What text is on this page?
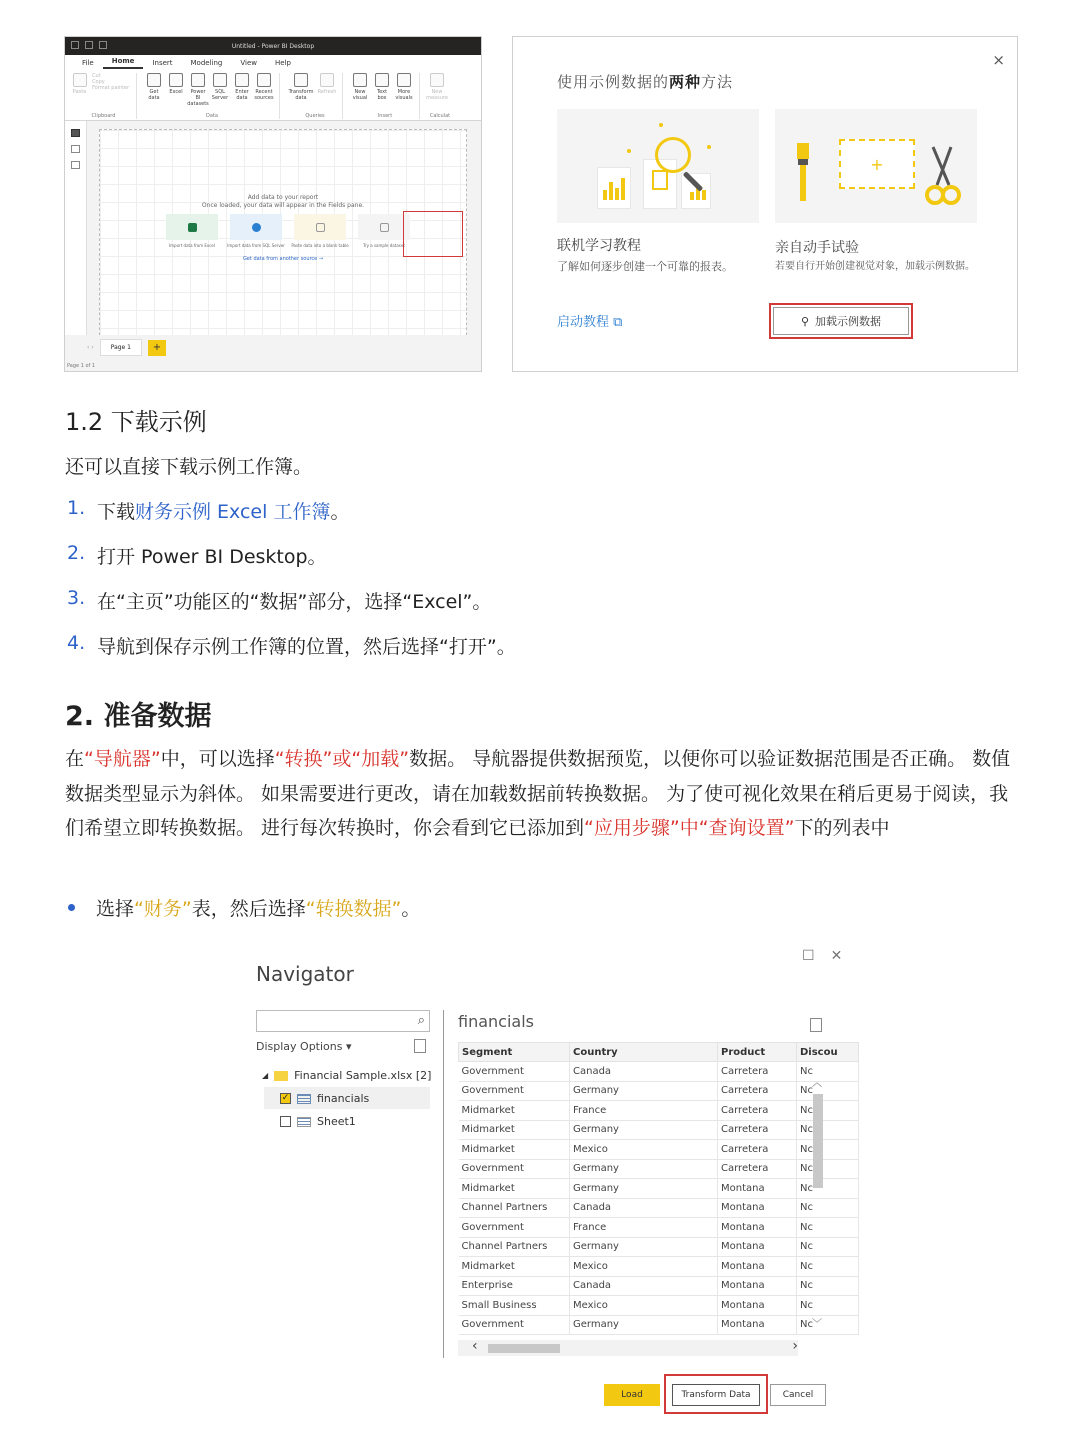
Untitled - Power BI Desktop
File	Home	Insert	Modeling	View	Help
Paste
Cut
Copy
Format painter
Clipboard
Get data
Excel	Power BI datasets
SQL Server
Enter data
Recent sources
Data
Transform data
Refresh
Queries
New visual
Text box
More visuals
Insert
New measure
Calculat
Add data to your report
Once loaded, your data will appear in the Fields pane.
Import data from Excel	Import data from SQL Server	Paste data into a blank table	Try a sample dataset
Get data from another source →
‹ ›	Page 1	+
Page 1 of 1
×
使用示例数据的两种方法
+
联机学习教程
了解如何逐步创建一个可靠的报表。
启动教程 ⧉
亲自动手试验
若要自行开始创建视觉对象，加载示例数据。
⚲ 加载示例数据
1.2 下载示例
还可以直接下载示例工作簿。
1. 下载 财务示例 Excel 工作簿 。
2. 打开 Power BI Desktop。
3. 在“主页”功能区的“数据”部分，选择“Excel”。
4. 导航到保存示例工作簿的位置，然后选择“打开”。
2. 准备数据
在“导航器”中，可以选择“转换”或“加载”数据。 导航器提供数据预览，以便你可以验证数据范围是否正确。 数值数据类型显示为斜体。 如果需要进行更改，请在加载数据前转换数据。 为了使可视化效果在稍后更易于阅读，我们希望立即转换数据。 进行每次转换时，你会看到它已添加到“应用步骤”中“查询设置”下的列表中
选择 “财务” 表，然后选择 “转换数据” 。
Navigator
☐ ✕
⌕
Display Options ▾
◢ Financial Sample.xlsx [2]
✓	financials
Sheet1
financials
Segment	Country	Product	Discou
Government	Canada	Carretera	Nc
Government	Germany	Carretera	Nc
Midmarket	France	Carretera	Nc
Midmarket	Germany	Carretera	Nc
Midmarket	Mexico	Carretera	Nc
Government	Germany	Carretera	Nc
Midmarket	Germany	Montana	Nc
Channel Partners	Canada	Montana	Nc
Government	France	Montana	Nc
Channel Partners	Germany	Montana	Nc
Midmarket	Mexico	Montana	Nc
Enterprise	Canada	Montana	Nc
Small Business	Mexico	Montana	Nc
Government	Germany	Montana	Nc
︿
﹀
‹	›
Load	Transform Data	Cancel
